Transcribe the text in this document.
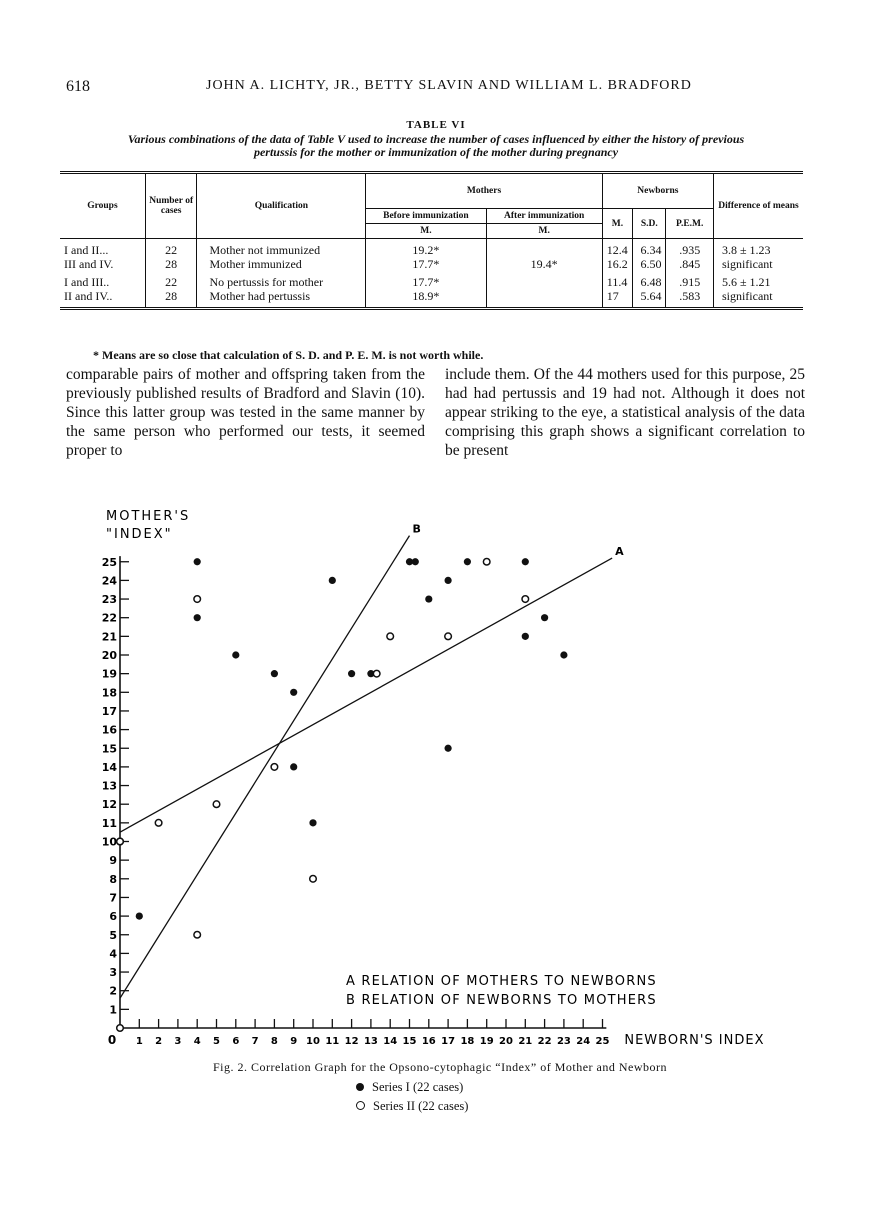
618	JOHN A. LICHTY, JR., BETTY SLAVIN AND WILLIAM L. BRADFORD
TABLE VI
Various combinations of the data of Table V used to increase the number of cases influenced by either the history of previous
pertussis for the mother or immunization of the mother during pregnancy
Groups	Number of cases	Qualification	Mothers		Newborns			Difference of means
			Before immunization	After immunization	M.	S.D.	P.E.M.	
			M.	M.				
I and II...	22	Mother not immunized	19.2*		12.4	6.34	.935	3.8 ± 1.23
III and IV.	28	Mother immunized	17.7*	19.4*	16.2	6.50	.845	significant
I and III..	22	No pertussis for mother	17.7*		11.4	6.48	.915	5.6 ± 1.21
II and IV..	28	Mother had pertussis	18.9*		17	5.64	.583	significant
* Means are so close that calculation of S. D. and P. E. M. is not worth while.
comparable pairs of mother and offspring taken from the previously published results of Bradford and Slavin (10). Since this latter group was tested in the same manner by the same person who performed our tests, it seemed proper to
include them. Of the 44 mothers used for this purpose, 25 had had pertussis and 19 had not. Although it does not appear striking to the eye, a statistical analysis of the data comprising this graph shows a significant correlation to be present
1
2
3
4
5
6
7
8
9
10
11
12
13
14
15
16
17
18
19
20
21
22
23
24
25
1 2 3 4 5 6 7 8 9 10 11 12 13 14 15 16 17 18 19 20 21 22 23 24 25
0
MOTHER'S
"INDEX"
NEWBORN'S INDEX
A
B
A RELATION OF MOTHERS TO NEWBORNS
B RELATION OF NEWBORNS TO MOTHERS
Fig. 2. Correlation Graph for the Opsono-cytophagic “Index” of Mother and Newborn
Series I (22 cases)
Series II (22 cases)
